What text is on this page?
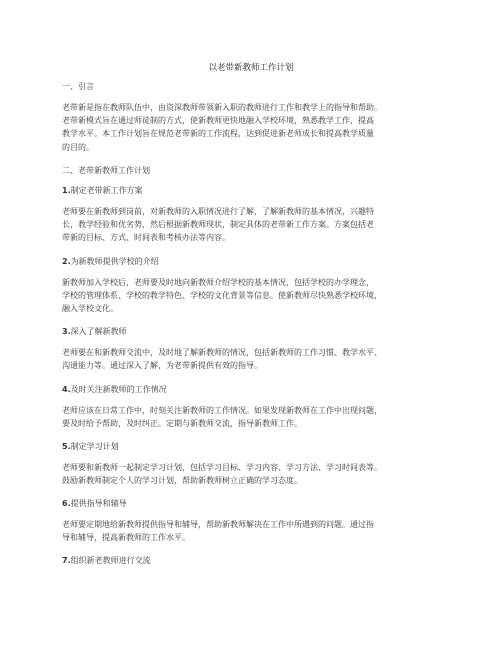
以老带新教师工作计划
一、引言
老带新是指在教师队伍中，由资深教师带领新入职的教师进行工作和教学上的指导和帮助。
老带新模式旨在通过师徒制的方式，使新教师更快地融入学校环境，熟悉教学工作，提高
教学水平。本工作计划旨在规范老带新的工作流程，达到促进新老师成长和提高教学质量
的目的。
二、老带新教师工作计划
1.制定老带新工作方案
老师要在新教师到岗前，对新教师的入职情况进行了解，了解新教师的基本情况，兴趣特
长，教学经验和优劣势，然后根据新教师现状，制定具体的老带新工作方案。方案包括老
带新的目标、方式、时间表和考核办法等内容。
2.为新教师提供学校的介绍
新教师加入学校后，老师要及时地向新教师介绍学校的基本情况，包括学校的办学理念，
学校的管理体系、学校的教学特色、学校的文化背景等信息。使新教师尽快熟悉学校环境，
融入学校文化。
3.深入了解新教师
老师要在和新教师交流中，及时地了解新教师的情况，包括新教师的工作习惯、教学水平、
沟通能力等。通过深入了解，为老带新提供有效的指导。
4.及时关注新教师的工作情况
老师应该在日常工作中，时刻关注新教师的工作情况。如果发现新教师在工作中出现问题，
要及时给予帮助，及时纠正。定期与新教师交流，指导新教师工作。
5.制定学习计划
老师要和新教师一起制定学习计划，包括学习目标、学习内容、学习方法、学习时间表等。
鼓励新教师制定个人的学习计划，帮助新教师树立正确的学习态度。
6.提供指导和辅导
老师要定期地给新教师提供指导和辅导，帮助新教师解决在工作中所遇到的问题。通过指
导和辅导，提高新教师的工作水平。
7.组织新老教师进行交流
